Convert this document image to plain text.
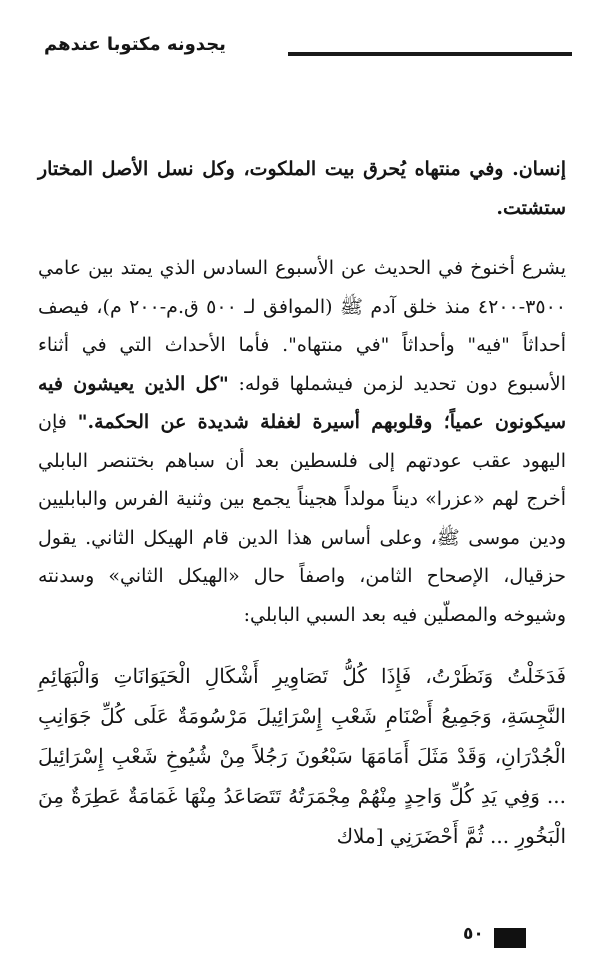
يجدونه مكتوبا عندهم

إنسان. وفي منتهاه يُحرق بيت الملكوت، وكل نسل الأصل المختار ستشتت.

يشرع أخنوخ في الحديث عن الأسبوع السادس الذي يمتد بين عامي ٣٥٠٠-٤٢٠٠ منذ خلق آدم ﷺ (الموافق لـ ٥٠٠ ق.م-٢٠٠ م)، فيصف أحداثاً "فيه" وأحداثاً "في منتهاه". فأما الأحداث التي في أثناء الأسبوع دون تحديد لزمن فيشملها قوله: "كل الذين يعيشون فيه سيكونون عمياً؛ وقلوبهم أسيرة لغفلة شديدة عن الحكمة." فإن اليهود عقب عودتهم إلى فلسطين بعد أن سباهم بختنصر البابلي أخرج لهم «عزرا» ديناً مولداً هجيناً يجمع بين وثنية الفرس والبابليين ودين موسى ﷺ، وعلى أساس هذا الدين قام الهيكل الثاني. يقول حزقيال، الإصحاح الثامن، واصفاً حال «الهيكل الثاني» وسدنته وشيوخه والمصلّين فيه بعد السبي البابلي:

فَدَخَلْتُ وَنَظَرْتُ، فَإِذَا كُلُّ تَصَاوِيرِ أَشْكَالِ الْحَيَوَانَاتِ وَالْبَهَائِمِ النَّجِسَةِ، وَجَمِيعُ أَصْنَامِ شَعْبِ إِسْرَائِيلَ مَرْسُومَةٌ عَلَى كُلِّ جَوَانِبِ الْجُدْرَانِ، وَقَدْ مَثَلَ أَمَامَهَا سَبْعُونَ رَجُلاً مِنْ شُيُوخِ شَعْبِ إِسْرَائِيلَ ... وَفِي يَدِ كُلِّ وَاحِدٍ مِنْهُمْ مِجْمَرَتُهُ تَتَصَاعَدُ مِنْهَا غَمَامَةٌ عَطِرَةٌ مِنَ الْبَخُورِ ... ثُمَّ أَحْضَرَنِي [ملاك

٥٠
